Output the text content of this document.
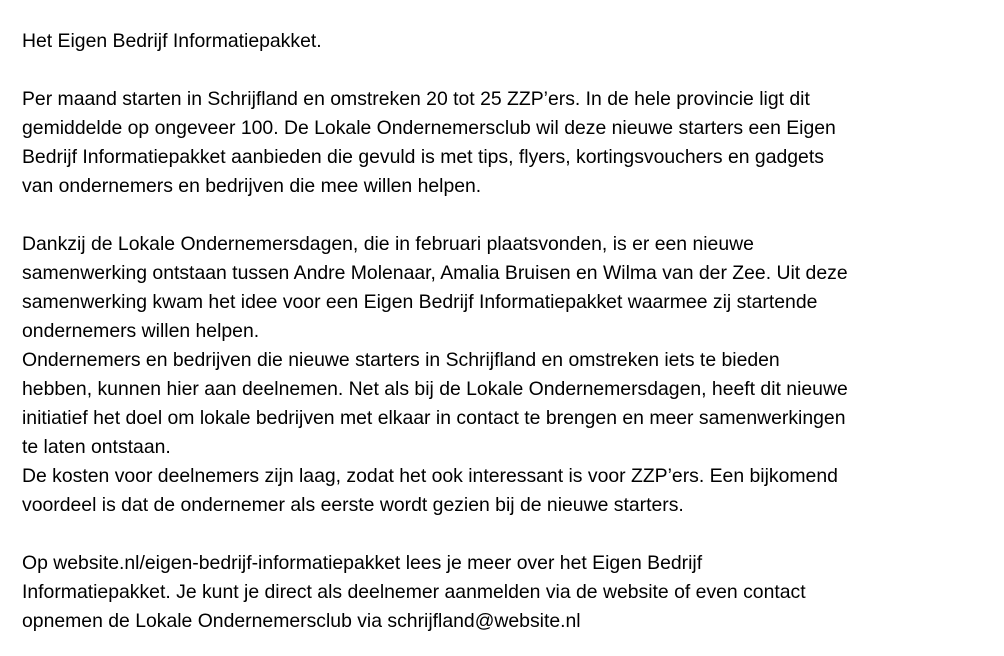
Het Eigen Bedrijf Informatiepakket.
Per maand starten in Schrijfland en omstreken 20 tot 25 ZZP’ers. In de hele provincie ligt dit
gemiddelde op ongeveer 100. De Lokale Ondernemersclub wil deze nieuwe starters een Eigen
Bedrijf Informatiepakket aanbieden die gevuld is met tips, flyers, kortingsvouchers en gadgets
van ondernemers en bedrijven die mee willen helpen.
Dankzij de Lokale Ondernemersdagen, die in februari plaatsvonden, is er een nieuwe
samenwerking ontstaan tussen Andre Molenaar, Amalia Bruisen en Wilma van der Zee. Uit deze
samenwerking kwam het idee voor een Eigen Bedrijf Informatiepakket waarmee zij startende
ondernemers willen helpen.
Ondernemers en bedrijven die nieuwe starters in Schrijfland en omstreken iets te bieden
hebben, kunnen hier aan deelnemen. Net als bij de Lokale Ondernemersdagen, heeft dit nieuwe
initiatief het doel om lokale bedrijven met elkaar in contact te brengen en meer samenwerkingen
te laten ontstaan.
De kosten voor deelnemers zijn laag, zodat het ook interessant is voor ZZP’ers. Een bijkomend
voordeel is dat de ondernemer als eerste wordt gezien bij de nieuwe starters.
Op website.nl/eigen-bedrijf-informatiepakket lees je meer over het Eigen Bedrijf
Informatiepakket. Je kunt je direct als deelnemer aanmelden via de website of even contact
opnemen de Lokale Ondernemersclub via schrijfland@website.nl
